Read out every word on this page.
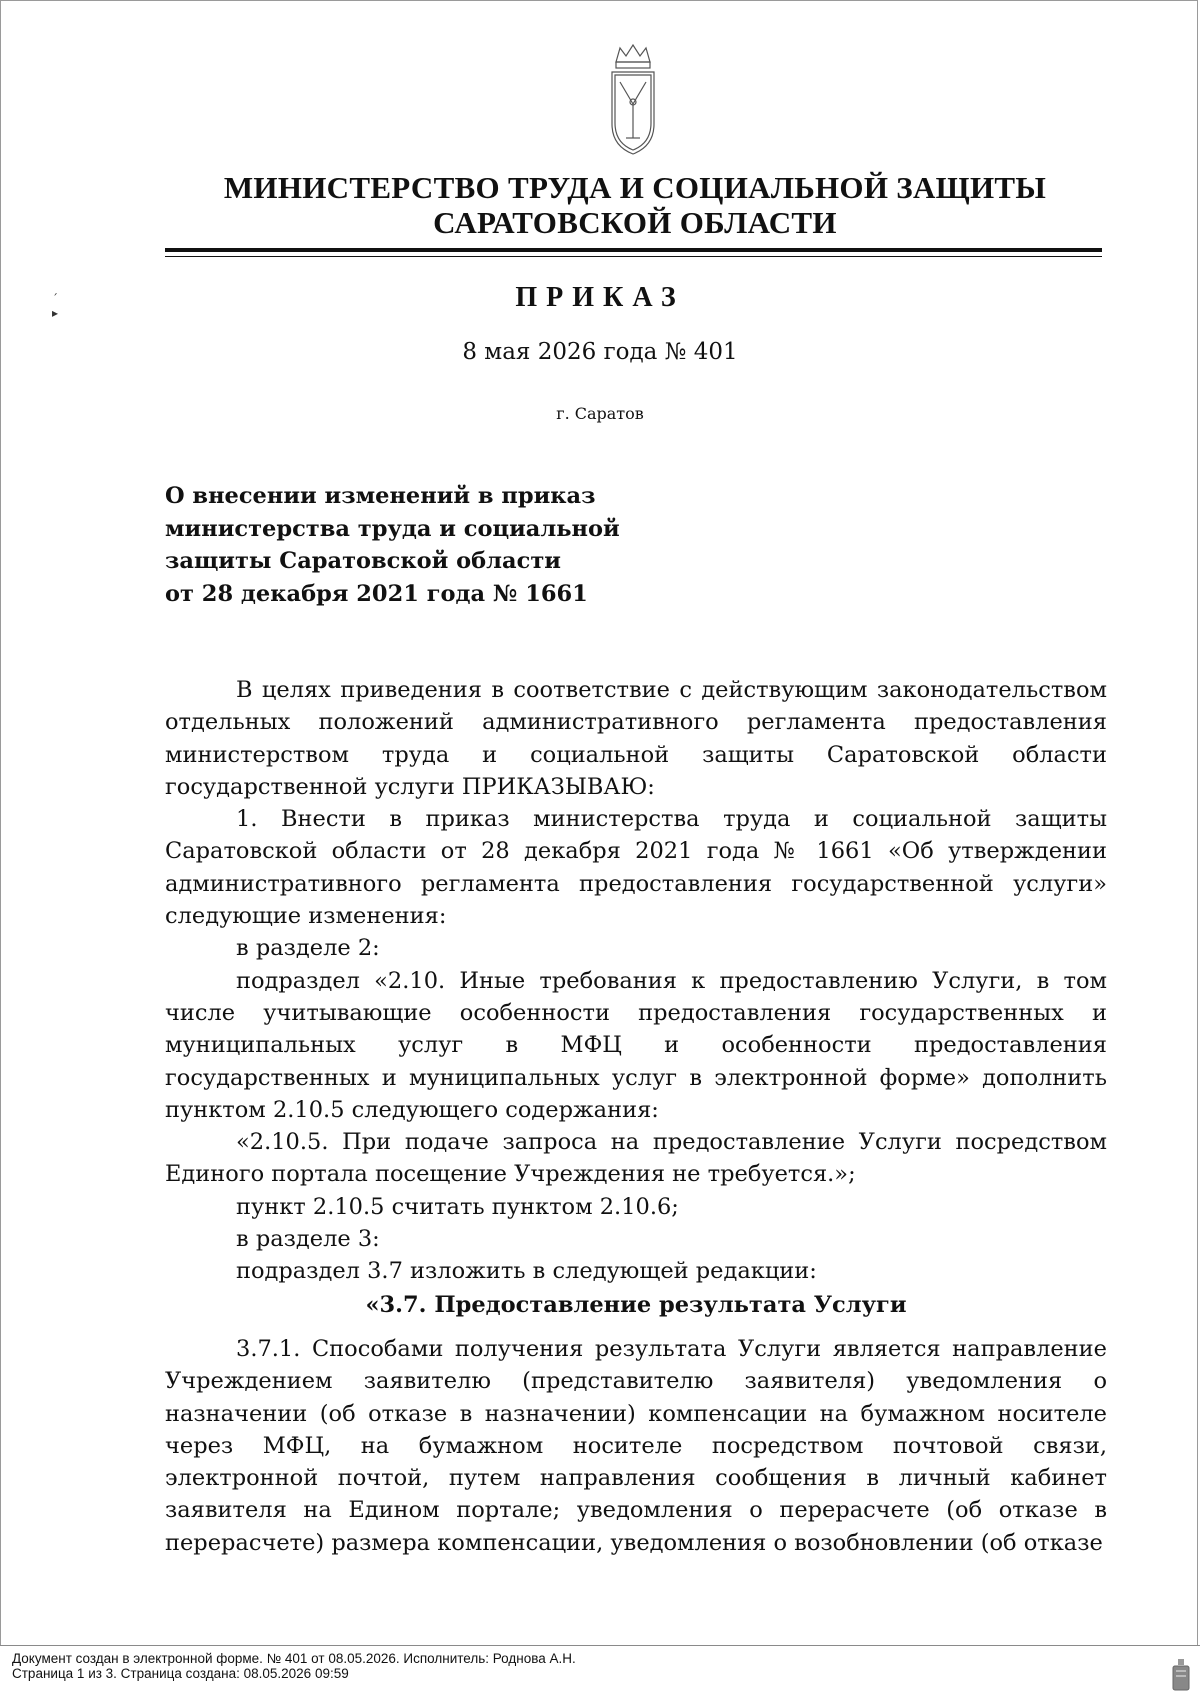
МИНИСТЕРСТВО ТРУДА И СОЦИАЛЬНОЙ ЗАЩИТЫ
САРАТОВСКОЙ ОБЛАСТИ
´
▸	ПРИКАЗ
8 мая 2026 года № 401
г. Саратов
О внесении изменений в приказ
министерства труда и социальной
защиты Саратовской области
от 28 декабря 2021 года № 1661

В целях приведения в соответствие с действующим законодательством отдельных положений административного регламента предоставления министерством труда и социальной защиты Саратовской области государственной услуги ПРИКАЗЫВАЮ:

1. Внести в приказ министерства труда и социальной защиты Саратовской области от 28 декабря 2021 года № 1661 «Об утверждении административного регламента предоставления государственной услуги» следующие изменения:

в разделе 2:

подраздел «2.10. Иные требования к предоставлению Услуги, в том числе учитывающие особенности предоставления государственных и муниципальных услуг в МФЦ и особенности предоставления государственных и муниципальных услуг в электронной форме» дополнить пунктом 2.10.5 следующего содержания:

«2.10.5. При подаче запроса на предоставление Услуги посредством Единого портала посещение Учреждения не требуется.»;

пункт 2.10.5 считать пунктом 2.10.6;

в разделе 3:

подраздел 3.7 изложить в следующей редакции:

«3.7. Предоставление результата Услуги

3.7.1. Способами получения результата Услуги является направление Учреждением заявителю (представителю заявителя) уведомления о назначении (об отказе в назначении) компенсации на бумажном носителе через МФЦ, на бумажном носителе посредством почтовой связи, электронной почтой, путем направления сообщения в личный кабинет заявителя на Едином портале; уведомления о перерасчете (об отказе в перерасчете) размера компенсации, уведомления о возобновлении (об отказе

Документ создан в электронной форме. № 401 от 08.05.2026. Исполнитель: Роднова А.Н.
Страница 1 из 3. Страница создана: 08.05.2026 09:59
